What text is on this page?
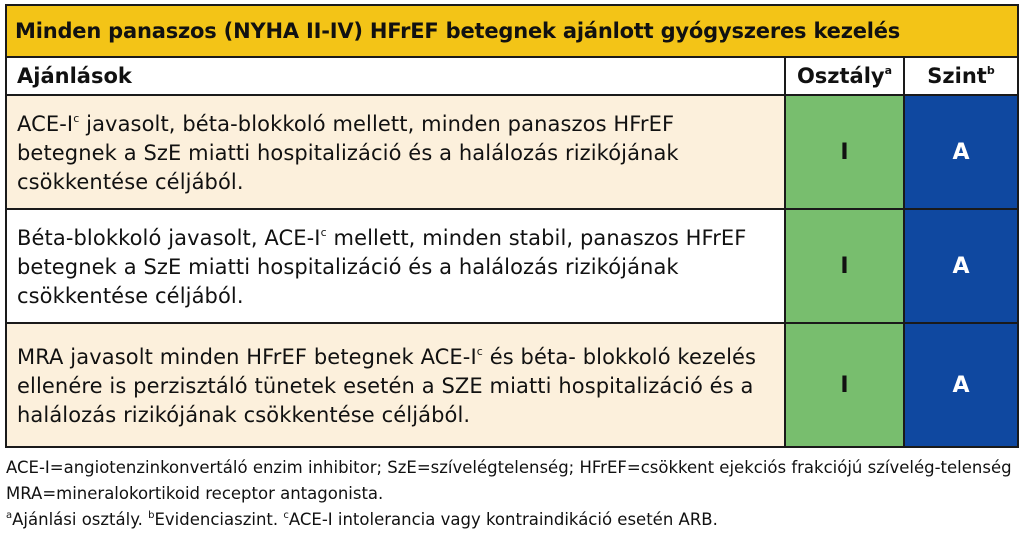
Minden panaszos (NYHA II-IV) HFrEF betegnek ajánlott gyógyszeres kezelés		
Ajánlások	Osztály$^a$	Szint$^b$
ACE-$I^c$ javasolt, béta-blokkoló mellett, minden panaszos HFrEF betegnek a SzE miatti hospitalizáció és a halálozás rizikójának csökkentése céljából.	I	A
Béta-blokkoló javasolt, ACE-$I^c$ mellett, minden stabil, panaszos HFrEF betegnek a SzE miatti hospitalizáció és a halálozás rizikójának csökkentése céljából.	I	A
MRA javasolt minden HFrEF betegnek ACE-$I^c$ és béta- blokkoló kezelés ellenére is perzisztáló tünetek esetén a SZE miatti hospitalizáció és a halálozás rizikójának csökkentése céljából.	I	A

ACE-I=angiotenzinkonvertáló enzim inhibitor; SzE=szívelégtelenség; HFrEF=csökkent ejekciós frakciójú szívelég-telenség MRA=mineralokortikoid receptor antagonista.

$^a$Ajánlási osztály. $^b$Evidenciaszint. $^c$ACE-I intolerancia vagy kontraindikáció esetén ARB.
